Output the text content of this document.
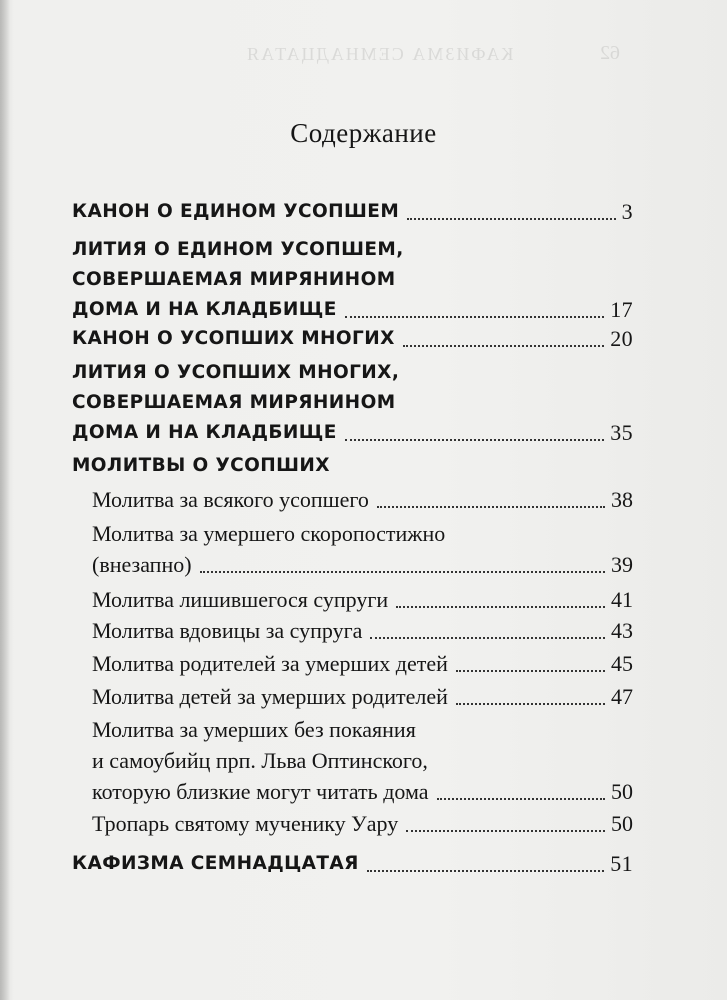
КАФИЗМА СЕМНАДЦАТАЯ	62
Содержание
КАНОН О ЕДИНОМ УСОПШЕМ	3
ЛИТИЯ О ЕДИНОМ УСОПШЕМ,
СОВЕРШАЕМАЯ МИРЯНИНОМ
ДОМА И НА КЛАДБИЩЕ	17
КАНОН О УСОПШИХ МНОГИХ	20
ЛИТИЯ О УСОПШИХ МНОГИХ,
СОВЕРШАЕМАЯ МИРЯНИНОМ
ДОМА И НА КЛАДБИЩЕ	35
МОЛИТВЫ О УСОПШИХ
Молитва за всякого усопшего	38
Молитва за умершего скоропостижно
(внезапно)	39
Молитва лишившегося супруги	41
Молитва вдовицы за супруга	43
Молитва родителей за умерших детей	45
Молитва детей за умерших родителей	47
Молитва за умерших без покаяния
и самоубийц прп. Льва Оптинского,
которую близкие могут читать дома	50
Тропарь святому мученику Уару	50
КАФИЗМА СЕМНАДЦАТАЯ	51
